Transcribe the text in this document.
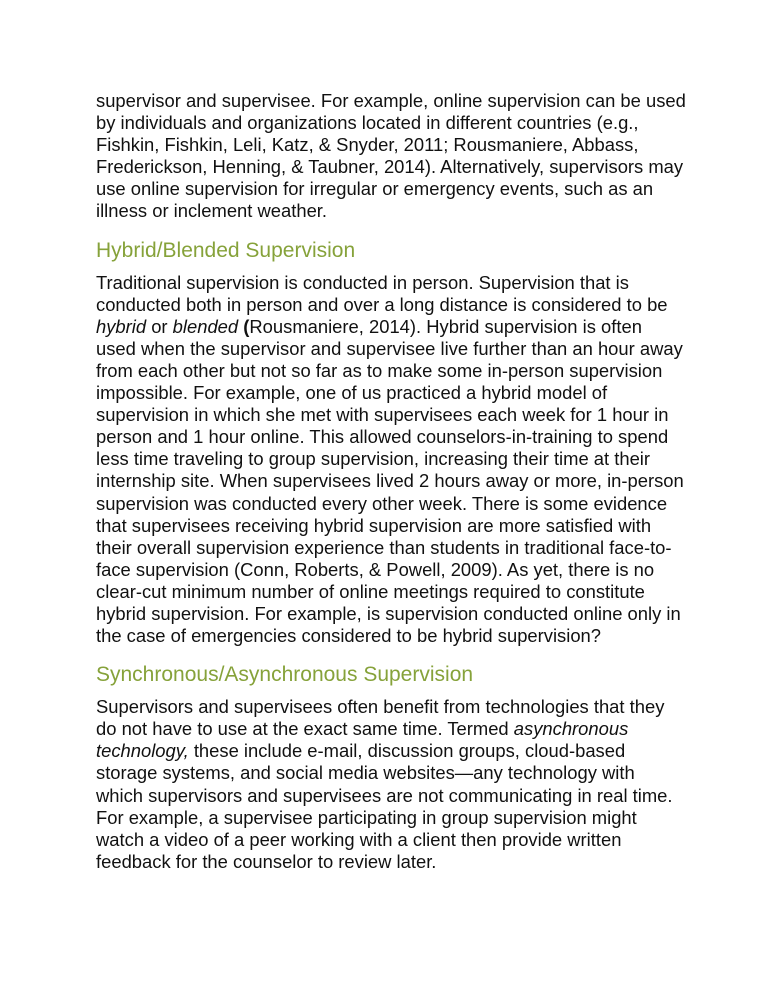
supervisor and supervisee. For example, online supervision can be used by individuals and organizations located in different countries (e.g., Fishkin, Fishkin, Leli, Katz, & Snyder, 2011; Rousmaniere, Abbass, Frederickson, Henning, & Taubner, 2014). Alternatively, supervisors may use online supervision for irregular or emergency events, such as an illness or inclement weather.

Hybrid/Blended Supervision

Traditional supervision is conducted in person. Supervision that is conducted both in person and over a long distance is considered to be hybrid or blended (Rousmaniere, 2014). Hybrid supervision is often used when the supervisor and supervisee live further than an hour away from each other but not so far as to make some in-person supervision impossible. For example, one of us practiced a hybrid model of supervision in which she met with supervisees each week for 1 hour in person and 1 hour online. This allowed counselors-in-training to spend less time traveling to group supervision, increasing their time at their internship site. When supervisees lived 2 hours away or more, in-person supervision was conducted every other week. There is some evidence that supervisees receiving hybrid supervision are more satisfied with their overall supervision experience than students in traditional face-to-face supervision (Conn, Roberts, & Powell, 2009). As yet, there is no clear-cut minimum number of online meetings required to constitute hybrid supervision. For example, is supervision conducted online only in the case of emergencies considered to be hybrid supervision?

Synchronous/Asynchronous Supervision

Supervisors and supervisees often benefit from technologies that they do not have to use at the exact same time. Termed asynchronous technology, these include e-mail, discussion groups, cloud-based storage systems, and social media websites—any technology with which supervisors and supervisees are not communicating in real time. For example, a supervisee participating in group supervision might watch a video of a peer working with a client then provide written feedback for the counselor to review later.
